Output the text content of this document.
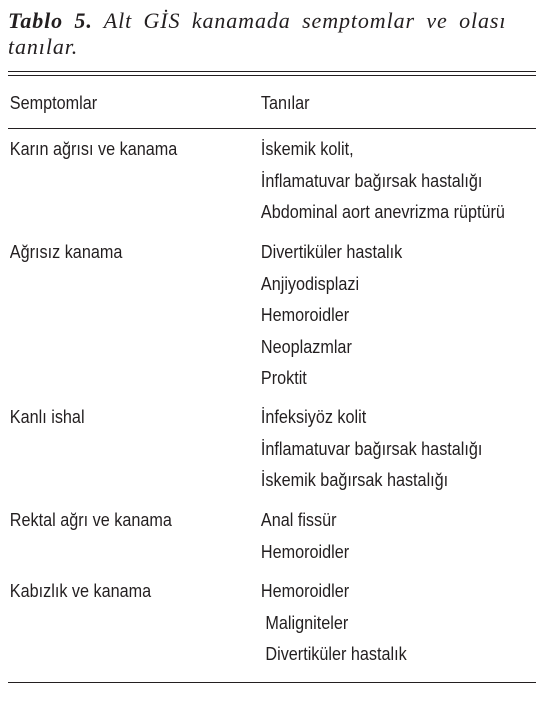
Tablo 5. Alt GİS kanamada semptomlar ve olası tanılar.
Semptomlar	Tanılar
Karın ağrısı ve kanama	İskemik kolit,
İnflamatuvar bağırsak hastalığı
Abdominal aort anevrizma rüptürü
Ağrısız kanama	Divertiküler hastalık
Anjiyodisplazi
Hemoroidler
Neoplazmlar
Proktit
Kanlı ishal	İnfeksiyöz kolit
İnflamatuvar bağırsak hastalığı
İskemik bağırsak hastalığı
Rektal ağrı ve kanama	Anal fissür
Hemoroidler
Kabızlık ve kanama	Hemoroidler
Maligniteler
Divertiküler hastalık
